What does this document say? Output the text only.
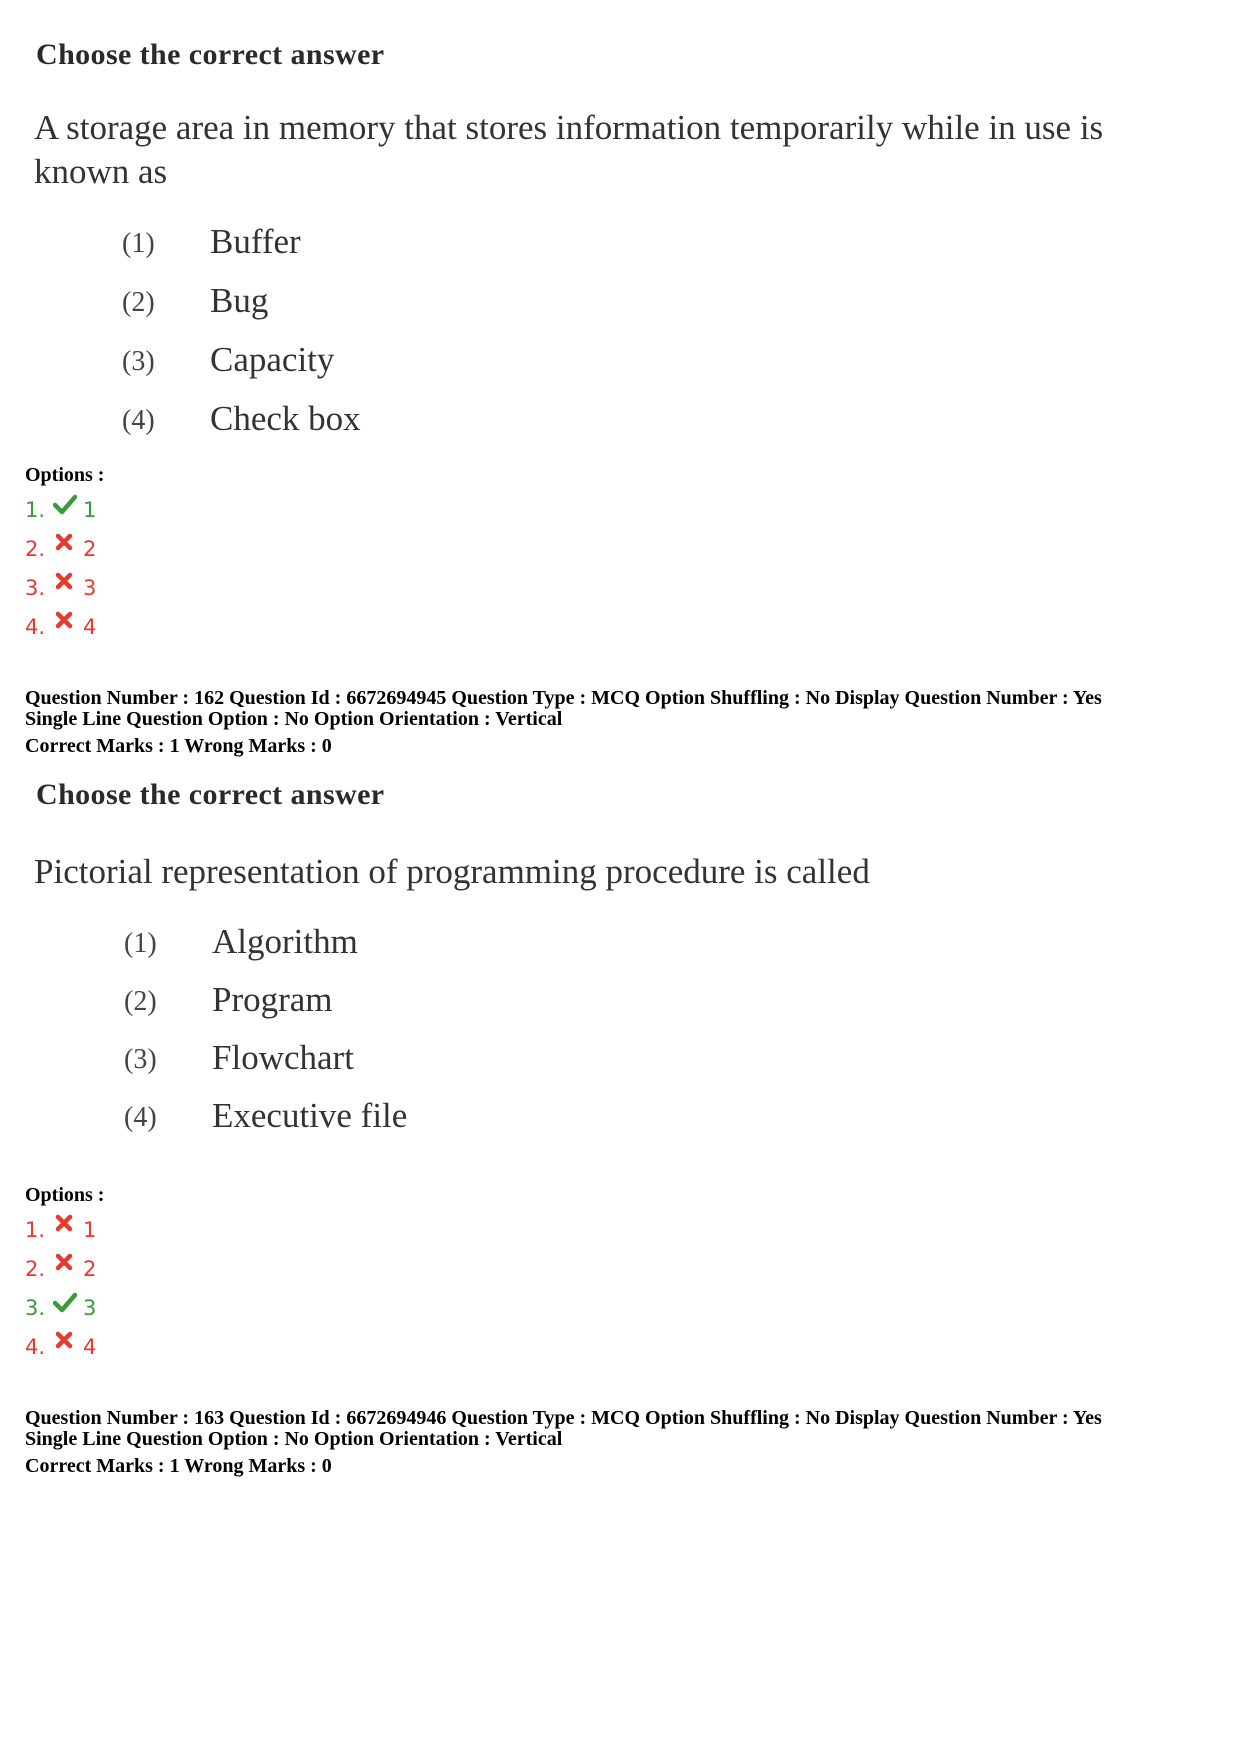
Choose the correct answer
A storage area in memory that stores information temporarily while in use is known as
(1) Buffer
(2) Bug
(3) Capacity
(4) Check box
Options :
1.	1
2.	2
3.	3
4.	4
Question Number : 162 Question Id : 6672694945 Question Type : MCQ Option Shuffling : No Display Question Number : Yes
Single Line Question Option : No Option Orientation : Vertical
Correct Marks : 1 Wrong Marks : 0
Choose the correct answer
Pictorial representation of programming procedure is called
(1) Algorithm
(2) Program
(3) Flowchart
(4) Executive file
Options :
1.	1
2.	2
3.	3
4.	4
Question Number : 163 Question Id : 6672694946 Question Type : MCQ Option Shuffling : No Display Question Number : Yes
Single Line Question Option : No Option Orientation : Vertical
Correct Marks : 1 Wrong Marks : 0
